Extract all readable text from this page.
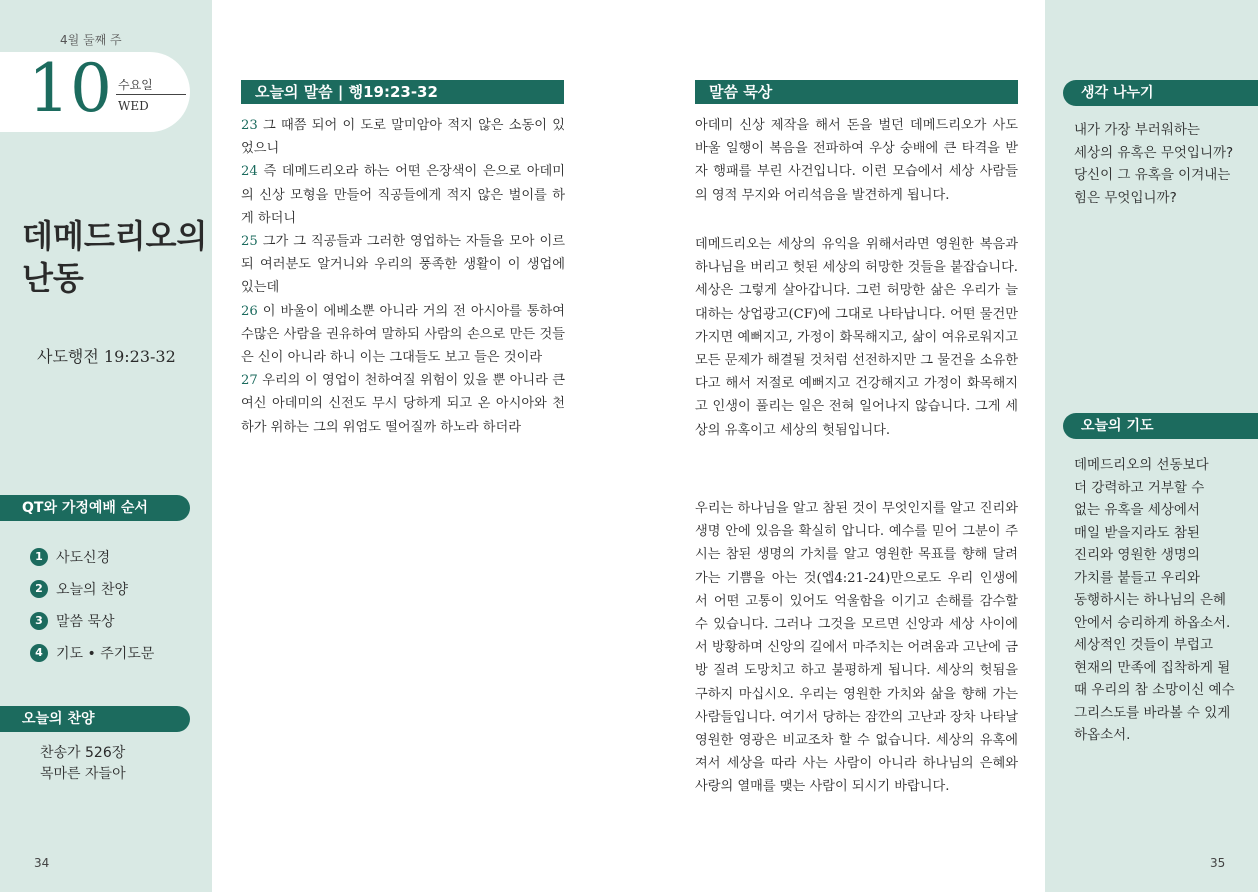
4월 둘째 주
10 수요일
WED
데메드리오의
난동
사도행전 19:23-32
QT와 가정예배 순서
1 사도신경
2 오늘의 찬양
3 말씀 묵상
4 기도 • 주기도문
오늘의 찬양
찬송가 526장
목마른 자들아
34
오늘의 말씀 | 행19:23-32
23 그 때쯤 되어 이 도로 말미암아 적지 않은 소동이 있었으니
24 즉 데메드리오라 하는 어떤 은장색이 은으로 아데미의 신상 모형을 만들어 직공들에게 적지 않은 벌이를 하게 하더니
25 그가 그 직공들과 그러한 영업하는 자들을 모아 이르되 여러분도 알거니와 우리의 풍족한 생활이 이 생업에 있는데
26 이 바울이 에베소뿐 아니라 거의 전 아시아를 통하여 수많은 사람을 권유하여 말하되 사람의 손으로 만든 것들은 신이 아니라 하니 이는 그대들도 보고 들은 것이라
27 우리의 이 영업이 천하여질 위험이 있을 뿐 아니라 큰 여신 아데미의 신전도 무시 당하게 되고 온 아시아와 천하가 위하는 그의 위엄도 떨어질까 하노라 하더라
말씀 묵상

아데미 신상 제작을 해서 돈을 벌던 데메드리오가 사도 바울 일행이 복음을 전파하여 우상 숭배에 큰 타격을 받자 행패를 부린 사건입니다. 이런 모습에서 세상 사람들의 영적 무지와 어리석음을 발견하게 됩니다.

데메드리오는 세상의 유익을 위해서라면 영원한 복음과 하나님을 버리고 헛된 세상의 허망한 것들을 붙잡습니다. 세상은 그렇게 살아갑니다. 그런 허망한 삶은 우리가 늘 대하는 상업광고(CF)에 그대로 나타납니다. 어떤 물건만 가지면 예뻐지고, 가정이 화목해지고, 삶이 여유로워지고 모든 문제가 해결될 것처럼 선전하지만 그 물건을 소유한다고 해서 저절로 예뻐지고 건강해지고 가정이 화목해지고 인생이 풀리는 일은 전혀 일어나지 않습니다. 그게 세상의 유혹이고 세상의 헛됨입니다.

우리는 하나님을 알고 참된 것이 무엇인지를 알고 진리와 생명 안에 있음을 확실히 압니다. 예수를 믿어 그분이 주시는 참된 생명의 가치를 알고 영원한 목표를 향해 달려가는 기쁨을 아는 것(엡4:21-24)만으로도 우리 인생에서 어떤 고통이 있어도 억울함을 이기고 손해를 감수할 수 있습니다. 그러나 그것을 모르면 신앙과 세상 사이에서 방황하며 신앙의 길에서 마주치는 어려움과 고난에 금방 질려 도망치고 하고 불평하게 됩니다. 세상의 헛됨을 구하지 마십시오. 우리는 영원한 가치와 삶을 향해 가는 사람들입니다. 여기서 당하는 잠깐의 고난과 장차 나타날 영원한 영광은 비교조차 할 수 없습니다. 세상의 유혹에 져서 세상을 따라 사는 사람이 아니라 하나님의 은혜와 사랑의 열매를 맺는 사람이 되시기 바랍니다.

생각 나누기
내가 가장 부러워하는
세상의 유혹은 무엇입니까?
당신이 그 유혹을 이겨내는
힘은 무엇입니까?
오늘의 기도
데메드리오의 선동보다
더 강력하고 거부할 수
없는 유혹을 세상에서
매일 받을지라도 참된
진리와 영원한 생명의
가치를 붙들고 우리와
동행하시는 하나님의 은혜
안에서 승리하게 하옵소서.
세상적인 것들이 부럽고
현재의 만족에 집착하게 될
때 우리의 참 소망이신 예수
그리스도를 바라볼 수 있게
하옵소서.
35
